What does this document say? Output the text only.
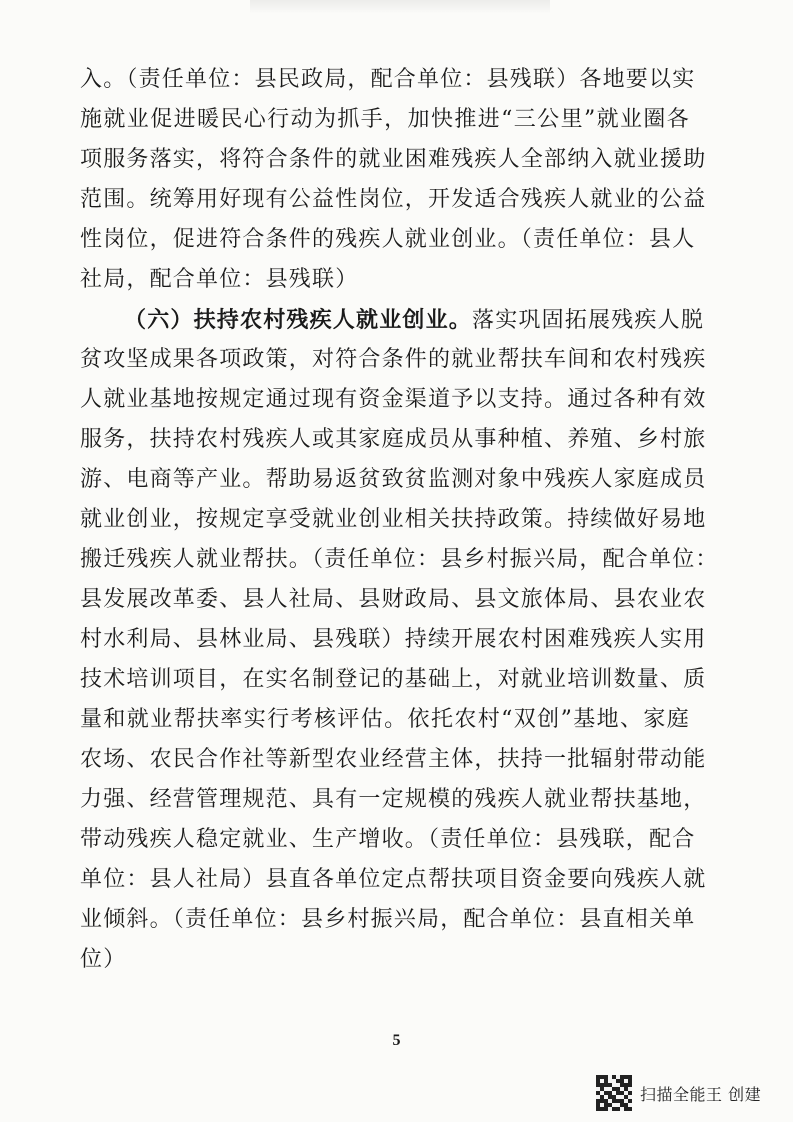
入。（责任单位：县民政局，配合单位：县残联）各地要以实
施就业促进暖民心行动为抓手，加快推进“三公里”就业圈各
项服务落实，将符合条件的就业困难残疾人全部纳入就业援助
范围。统筹用好现有公益性岗位，开发适合残疾人就业的公益
性岗位，促进符合条件的残疾人就业创业。（责任单位：县人
社局，配合单位：县残联）
（六）扶持农村残疾人就业创业。落实巩固拓展残疾人脱
贫攻坚成果各项政策，对符合条件的就业帮扶车间和农村残疾
人就业基地按规定通过现有资金渠道予以支持。通过各种有效
服务，扶持农村残疾人或其家庭成员从事种植、养殖、乡村旅
游、电商等产业。帮助易返贫致贫监测对象中残疾人家庭成员
就业创业，按规定享受就业创业相关扶持政策。持续做好易地
搬迁残疾人就业帮扶。（责任单位：县乡村振兴局，配合单位：
县发展改革委、县人社局、县财政局、县文旅体局、县农业农
村水利局、县林业局、县残联）持续开展农村困难残疾人实用
技术培训项目，在实名制登记的基础上，对就业培训数量、质
量和就业帮扶率实行考核评估。依托农村“双创”基地、家庭
农场、农民合作社等新型农业经营主体，扶持一批辐射带动能
力强、经营管理规范、具有一定规模的残疾人就业帮扶基地，
带动残疾人稳定就业、生产增收。（责任单位：县残联，配合
单位：县人社局）县直各单位定点帮扶项目资金要向残疾人就
业倾斜。（责任单位：县乡村振兴局，配合单位：县直相关单
位）
5
扫描全能王 创建
